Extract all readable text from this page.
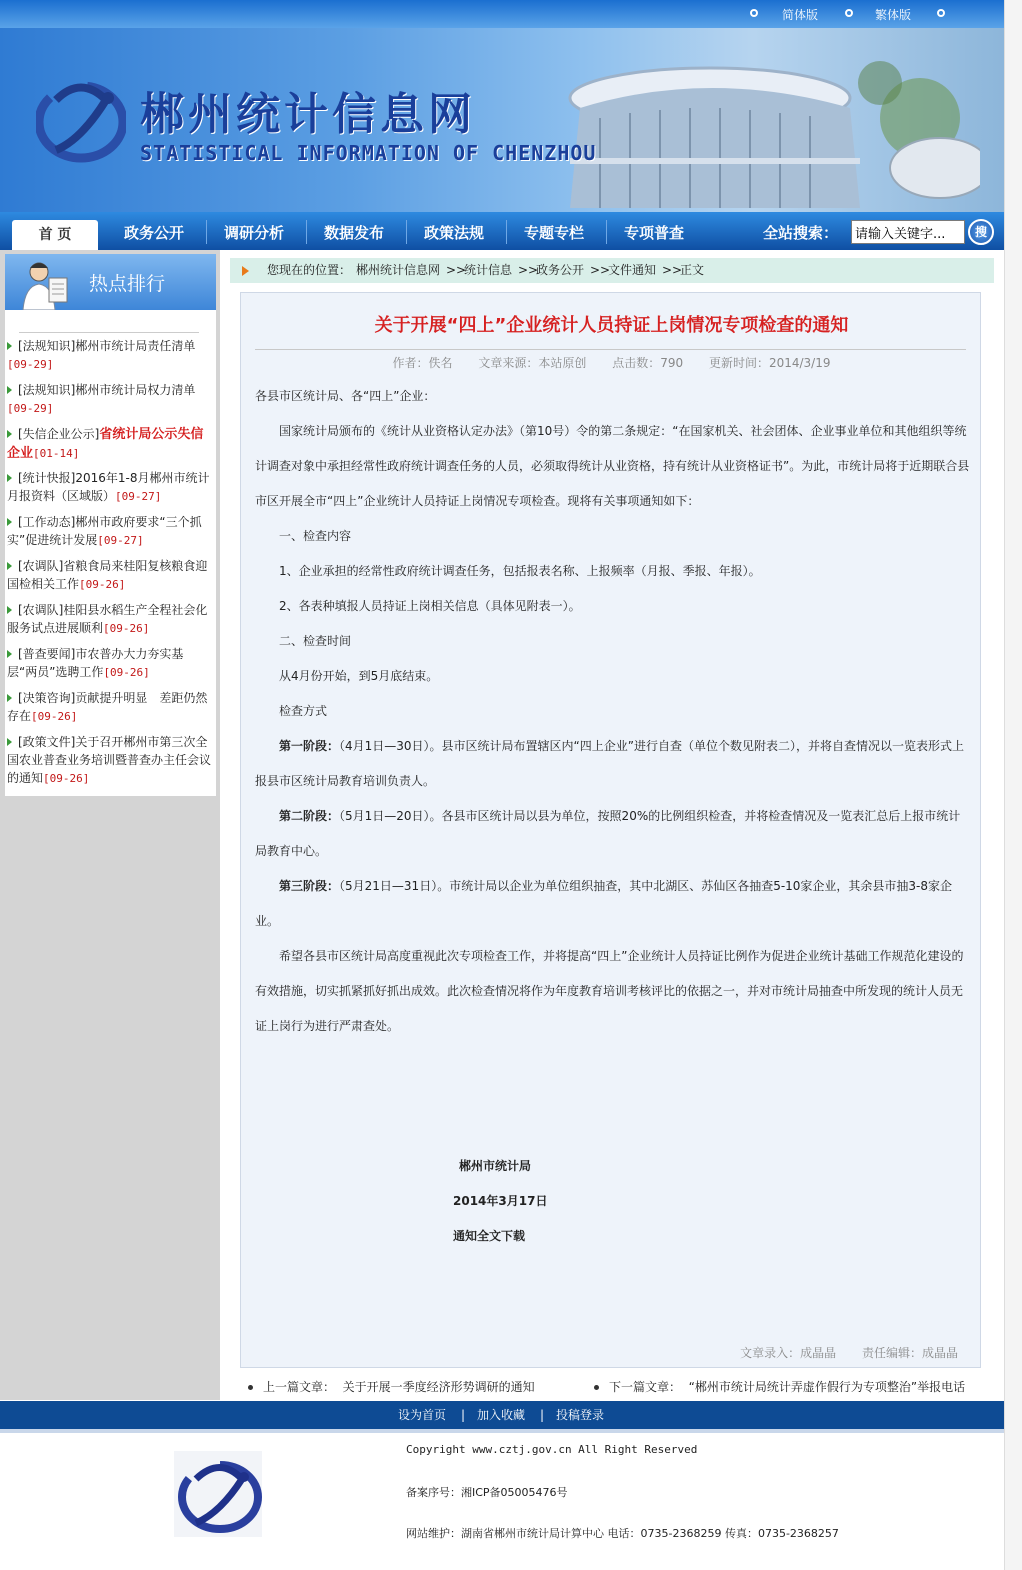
简体版	繁体版
郴州统计信息网
STATISTICAL INFORMATION OF CHENZHOU
首 页	政务公开	调研分析	数据发布	政策法规	专题专栏	专项普查	全站搜索：
请输入关键字...	搜
热点排行
[法规知识]郴州市统计局责任清单
[09-29]
[法规知识]郴州市统计局权力清单
[09-29]
[失信企业公示]省统计局公示失信企业[01-14]
[统计快报]2016年1-8月郴州市统计月报资料（区域版）[09-27]
[工作动态]郴州市政府要求“三个抓实”促进统计发展[09-27]
[农调队]省粮食局来桂阳复核粮食迎国检相关工作[09-26]
[农调队]桂阳县水稻生产全程社会化服务试点进展顺利[09-26]
[普查要闻]市农普办大力夯实基层“两员”选聘工作[09-26]
[决策咨询]贡献提升明显　差距仍然存在[09-26]
[政策文件]关于召开郴州市第三次全国农业普查业务培训暨普查办主任会议的通知[09-26]
您现在的位置： 郴州统计信息网 >>
统计信息 >>
政务公开 >>
文件通知 >>
正文
关于开展“四上”企业统计人员持证上岗情况专项检查的通知
作者：佚名 文章来源：本站原创 点击数：790 更新时间：2014/3/19
各县市区统计局、各“四上”企业：
国家统计局颁布的《统计从业资格认定办法》（第10号）令的第二条规定：“在国家机关、社会团体、企业事业单位和其他组织等统计调查对象中承担经常性政府统计调查任务的人员，必须取得统计从业资格，持有统计从业资格证书”。为此，市统计局将于近期联合县市区开展全市“四上”企业统计人员持证上岗情况专项检查。现将有关事项通知如下：
一、检查内容
1、企业承担的经常性政府统计调查任务，包括报表名称、上报频率（月报、季报、年报）。
2、各表种填报人员持证上岗相关信息（具体见附表一）。
二、检查时间
从4月份开始，到5月底结束。
检查方式
第一阶段：（4月1日—30日）。县市区统计局布置辖区内“四上企业”进行自查（单位个数见附表二），并将自查情况以一览表形式上报县市区统计局教育培训负责人。
第二阶段：（5月1日—20日）。各县市区统计局以县为单位，按照20%的比例组织检查，并将检查情况及一览表汇总后上报市统计局教育中心。
第三阶段：（5月21日—31日）。市统计局以企业为单位组织抽查，其中北湖区、苏仙区各抽查5-10家企业，其余县市抽3-8家企业。
希望各县市区统计局高度重视此次专项检查工作，并将提高“四上”企业统计人员持证比例作为促进企业统计基础工作规范化建设的有效措施，切实抓紧抓好抓出成效。此次检查情况将作为年度教育培训考核评比的依据之一，并对市统计局抽查中所发现的统计人员无证上岗行为进行严肃查处。
郴州市统计局
2014年3月17日
通知全文下载
文章录入：成晶晶 责任编辑：成晶晶
上一篇文章： 关于开展一季度经济形势调研的通知	下一篇文章： “郴州市统计局统计弄虚作假行为专项整治”举报电话
设为首页 | 加入收藏 | 投稿登录
Copyright www.cztj.gov.cn All Right Reserved
备案序号：湘ICP备05005476号
网站维护：湖南省郴州市统计局计算中心 电话：0735-2368259 传真：0735-2368257
